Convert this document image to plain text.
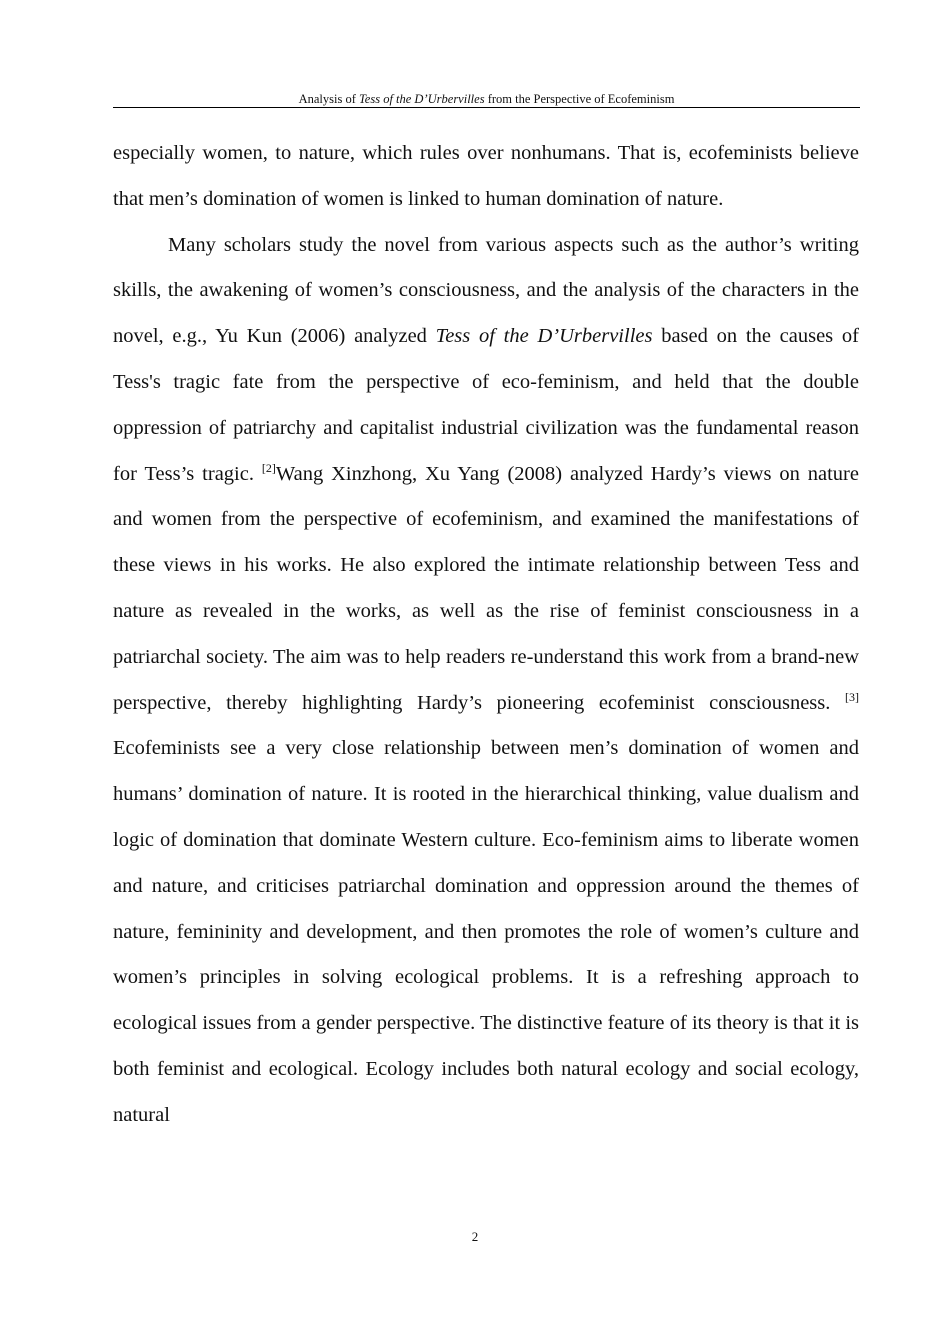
Analysis of Tess of the D’Urbervilles from the Perspective of Ecofeminism

especially women, to nature, which rules over nonhumans. That is, ecofeminists believe that men’s domination of women is linked to human domination of nature.

Many scholars study the novel from various aspects such as the author’s writing skills, the awakening of women’s consciousness, and the analysis of the characters in the novel, e.g., Yu Kun (2006) analyzed Tess of the D’Urbervilles based on the causes of Tess's tragic fate from the perspective of eco-feminism, and held that the double oppression of patriarchy and capitalist industrial civilization was the fundamental reason for Tess’s tragic. [2]Wang Xinzhong, Xu Yang (2008) analyzed Hardy’s views on nature and women from the perspective of ecofeminism, and examined the manifestations of these views in his works. He also explored the intimate relationship between Tess and nature as revealed in the works, as well as the rise of feminist consciousness in a patriarchal society. The aim was to help readers re-understand this work from a brand-new perspective, thereby highlighting Hardy’s pioneering ecofeminist consciousness. [3] Ecofeminists see a very close relationship between men’s domination of women and humans’ domination of nature. It is rooted in the hierarchical thinking, value dualism and logic of domination that dominate Western culture. Eco-feminism aims to liberate women and nature, and criticises patriarchal domination and oppression around the themes of nature, femininity and development, and then promotes the role of women’s culture and women’s principles in solving ecological problems. It is a refreshing approach to ecological issues from a gender perspective. The distinctive feature of its theory is that it is both feminist and ecological. Ecology includes both natural ecology and social ecology, natural

2
